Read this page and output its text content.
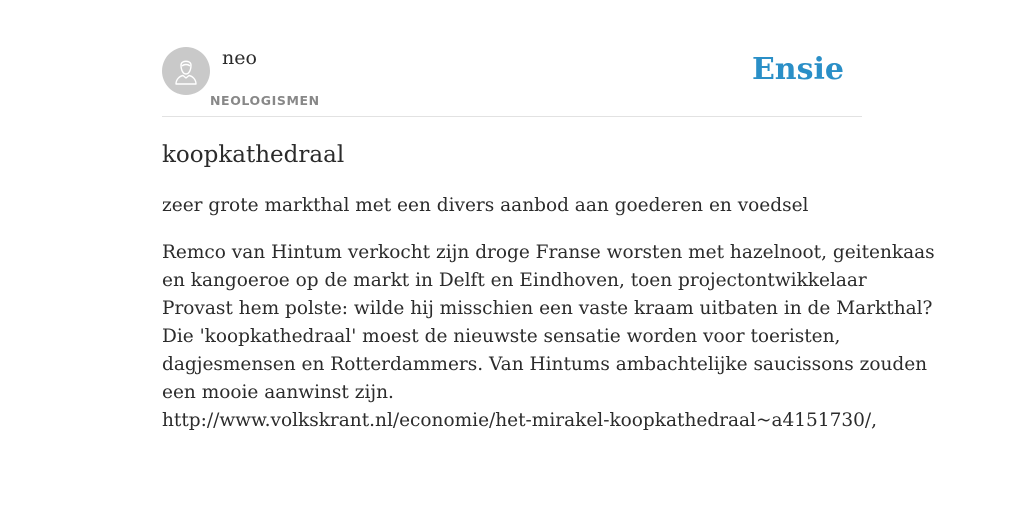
neo
NEOLOGISMEN
Ensie
koopkathedraal

zeer grote markthal met een divers aanbod aan goederen en voedsel

Remco van Hintum verkocht zijn droge Franse worsten met hazelnoot, geitenkaas
en kangoeroe op de markt in Delft en Eindhoven, toen projectontwikkelaar
Provast hem polste: wilde hij misschien een vaste kraam uitbaten in de Markthal?
Die 'koopkathedraal' moest de nieuwste sensatie worden voor toeristen,
dagjesmensen en Rotterdammers. Van Hintums ambachtelijke saucissons zouden
een mooie aanwinst zijn.
http://www.volkskrant.nl/economie/het-mirakel-koopkathedraal~a4151730/,
